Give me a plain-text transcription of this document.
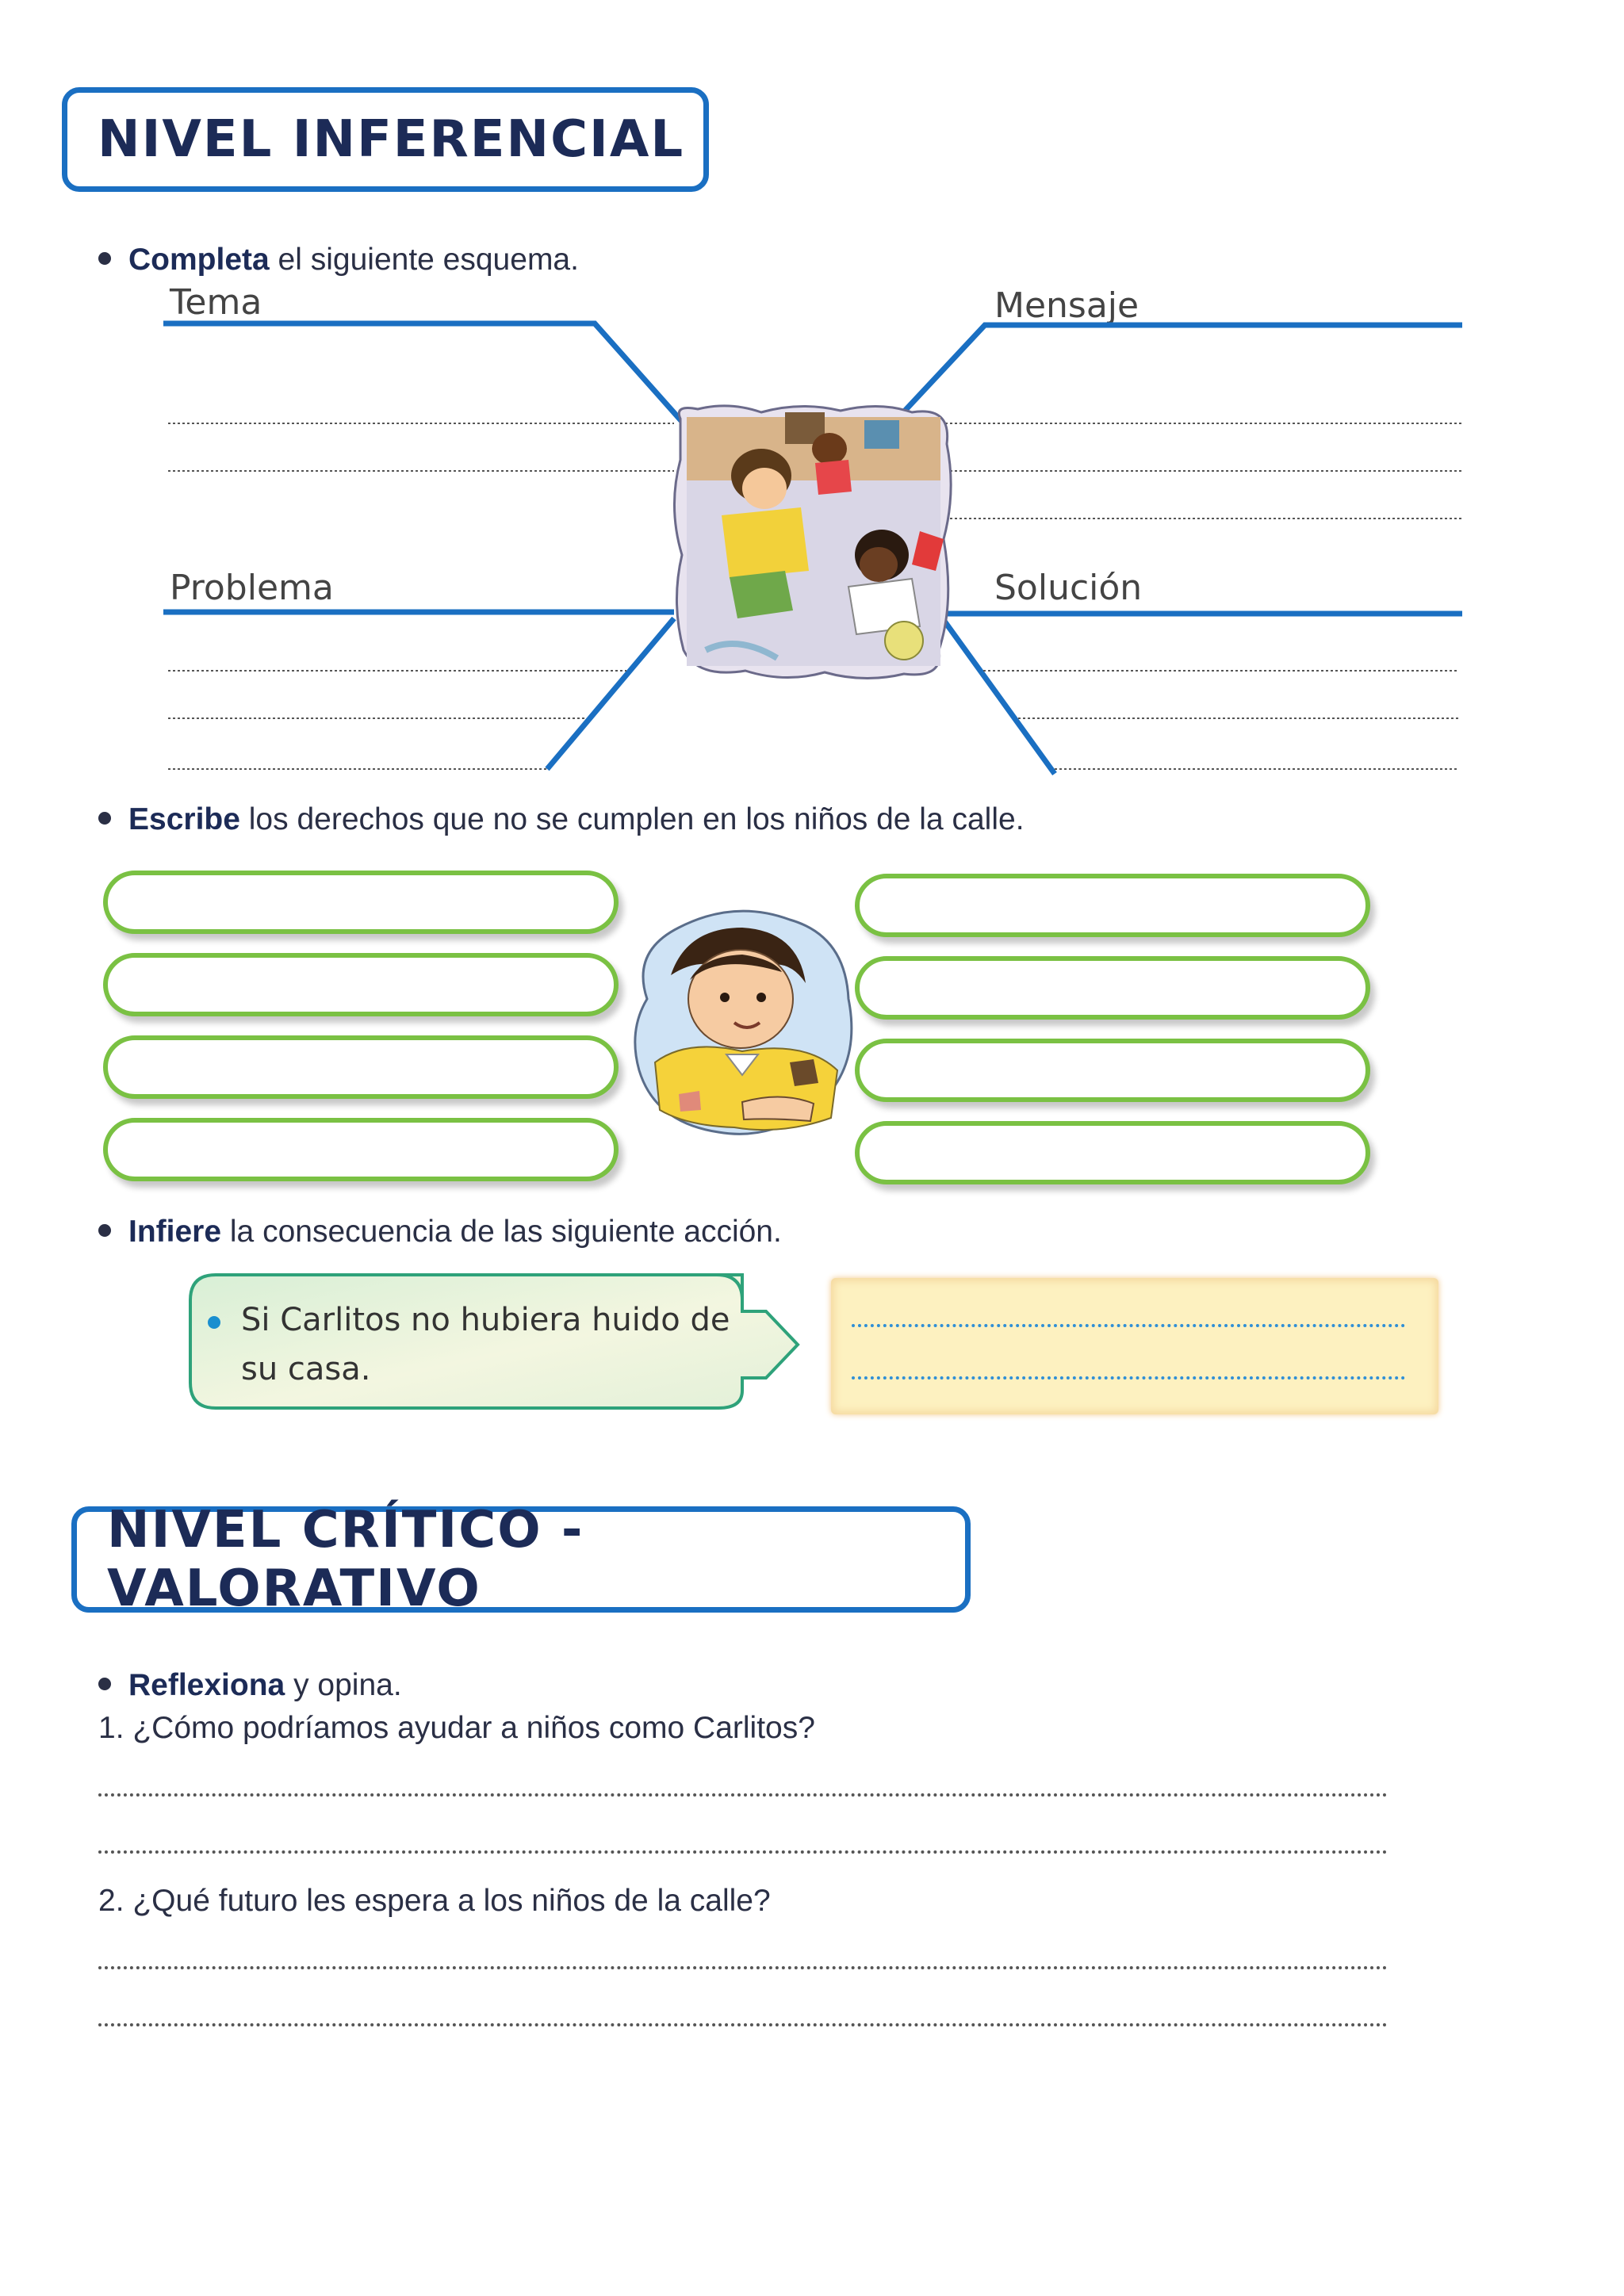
NIVEL INFERENCIAL
Completa el siguiente esquema.
Tema	Mensaje
Problema	Solución
Escribe los derechos que no se cumplen en los niños de la calle.
Infiere la consecuencia de las siguiente acción.
Si Carlitos no hubiera huido de
su casa.
NIVEL CRÍTICO - VALORATIVO
Reflexiona y opina.
1. ¿Cómo podríamos ayudar a niños como Carlitos?
2. ¿Qué futuro les espera a los niños de la calle?
